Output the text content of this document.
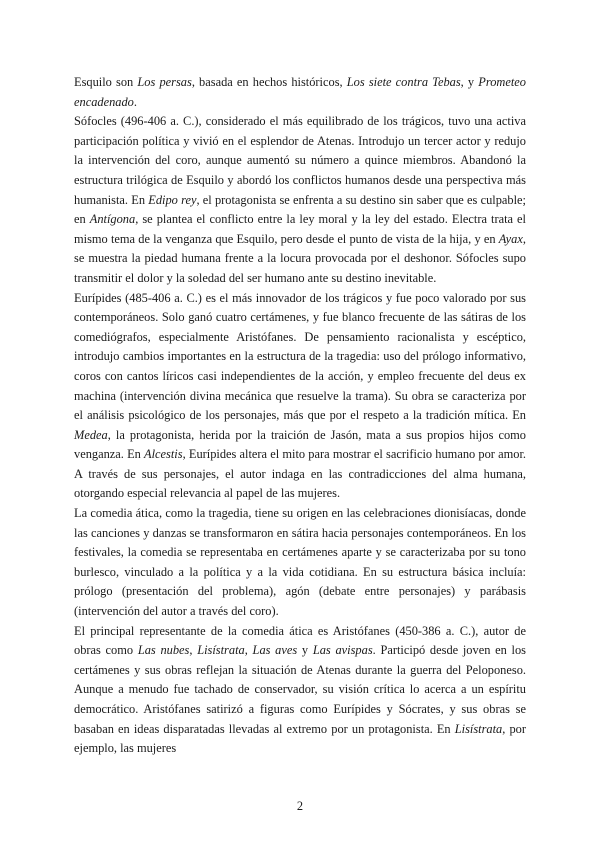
Esquilo son Los persas, basada en hechos históricos, Los siete contra Tebas, y Prometeo encadenado.

Sófocles (496-406 a. C.), considerado el más equilibrado de los trágicos, tuvo una activa participación política y vivió en el esplendor de Atenas. Introdujo un tercer actor y redujo la intervención del coro, aunque aumentó su número a quince miembros. Abandonó la estructura trilógica de Esquilo y abordó los conflictos humanos desde una perspectiva más humanista. En Edipo rey, el protagonista se enfrenta a su destino sin saber que es culpable; en Antígona, se plantea el conflicto entre la ley moral y la ley del estado. Electra trata el mismo tema de la venganza que Esquilo, pero desde el punto de vista de la hija, y en Ayax, se muestra la piedad humana frente a la locura provocada por el deshonor. Sófocles supo transmitir el dolor y la soledad del ser humano ante su destino inevitable.

Eurípides (485-406 a. C.) es el más innovador de los trágicos y fue poco valorado por sus contemporáneos. Solo ganó cuatro certámenes, y fue blanco frecuente de las sátiras de los comediógrafos, especialmente Aristófanes. De pensamiento racionalista y escéptico, introdujo cambios importantes en la estructura de la tragedia: uso del prólogo informativo, coros con cantos líricos casi independientes de la acción, y empleo frecuente del deus ex machina (intervención divina mecánica que resuelve la trama). Su obra se caracteriza por el análisis psicológico de los personajes, más que por el respeto a la tradición mítica. En Medea, la protagonista, herida por la traición de Jasón, mata a sus propios hijos como venganza. En Alcestis, Eurípides altera el mito para mostrar el sacrificio humano por amor. A través de sus personajes, el autor indaga en las contradicciones del alma humana, otorgando especial relevancia al papel de las mujeres.

La comedia ática, como la tragedia, tiene su origen en las celebraciones dionisíacas, donde las canciones y danzas se transformaron en sátira hacia personajes contemporáneos. En los festivales, la comedia se representaba en certámenes aparte y se caracterizaba por su tono burlesco, vinculado a la política y a la vida cotidiana. En su estructura básica incluía: prólogo (presentación del problema), agón (debate entre personajes) y parábasis (intervención del autor a través del coro).

El principal representante de la comedia ática es Aristófanes (450-386 a. C.), autor de obras como Las nubes, Lisístrata, Las aves y Las avispas. Participó desde joven en los certámenes y sus obras reflejan la situación de Atenas durante la guerra del Peloponeso. Aunque a menudo fue tachado de conservador, su visión crítica lo acerca a un espíritu democrático. Aristófanes satirizó a figuras como Eurípides y Sócrates, y sus obras se basaban en ideas disparatadas llevadas al extremo por un protagonista. En Lisístrata, por ejemplo, las mujeres

2
